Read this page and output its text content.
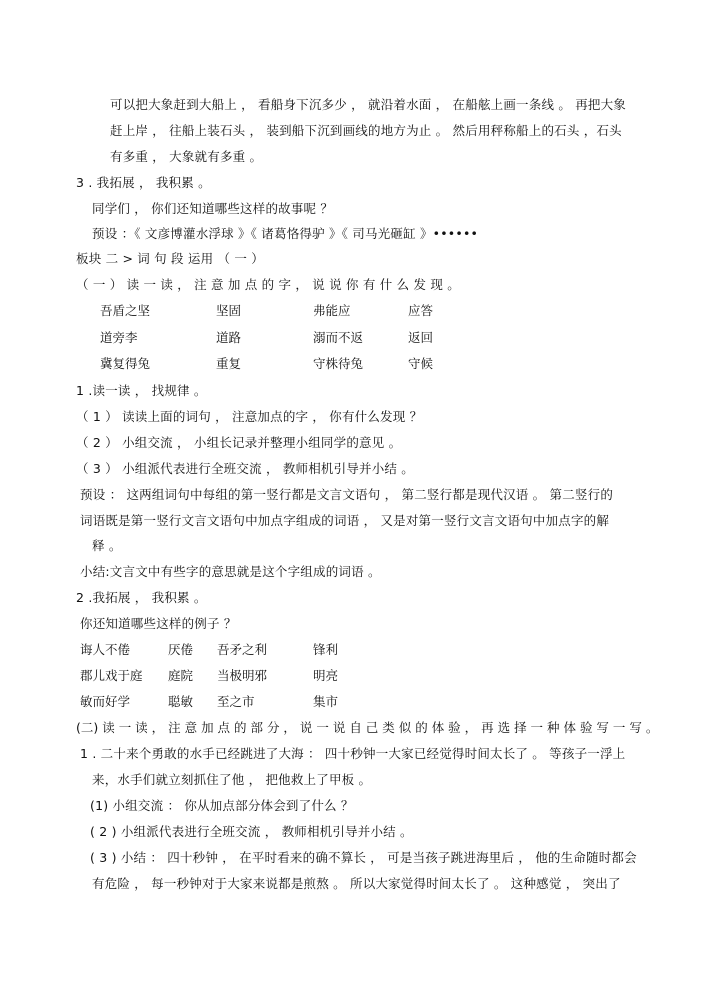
可以把大象赶到大船上 ， 看船身下沉多少 ， 就沿着水面 ， 在船舷上画一条线 。 再把大象
赶上岸 ， 往船上装石头 ， 装到船下沉到画线的地方为止 。 然后用秤称船上的石头 ，石头
有多重 ， 大象就有多重 。
3 . 我拓展 ， 我积累 。
同学们 ， 你们还知道哪些这样的故事呢 ？
预设 ：《 文彦博灌水浮球 》《 诸葛恪得驴 》《 司马光砸缸 》••••••
板块 二 > 词 句 段 运用 （ 一 ）
（ 一 ） 读 一 读 ， 注 意 加 点 的 字 ， 说 说 你 有 什 么 发 现 。
吾盾之坚	坚固	弗能应	应答
道旁李	道路	溺而不返	返回
冀复得兔	重复	守株待兔	守候
1 .读一读 ， 找规律 。
（ 1 ） 读读上面的词句 ， 注意加点的字 ， 你有什么发现 ？
（ 2 ） 小组交流 ， 小组长记录并整理小组同学的意见 。
（ 3 ） 小组派代表进行全班交流 ， 教师相机引导并小结 。
预设 ： 这两组词句中每组的第一竖行都是文言文语句 ， 第二竖行都是现代汉语 。 第二竖行的
词语既是第一竖行文言文语句中加点字组成的词语 ， 又是对第一竖行文言文语句中加点字的解
释 。
小结:文言文中有些字的意思就是这个字组成的词语 。
2 .我拓展 ， 我积累 。
你还知道哪些这样的例子 ？
诲人不倦	厌倦 吾矛之利	锋利
郡儿戏于庭 庭院 当极明邪	明亮
敏而好学	聪敏 至之市	集市
(二) 读 一 读 ， 注 意 加 点 的 部 分 ， 说 一 说 自 己 类 似 的 体 验 ， 再 选 择 一 种 体 验 写 一 写 。
1 . 二十来个勇敢的水手已经跳进了大海 ： 四十秒钟一大家已经觉得时间太长了 。 等孩子一浮上
来，水手们就立刻抓住了他 ， 把他救上了甲板 。
(1) 小组交流 ： 你从加点部分体会到了什么 ？
( 2 ) 小组派代表进行全班交流 ， 教师相机引导并小结 。
( 3 ) 小结 ： 四十秒钟 ， 在平时看来的确不算长 ， 可是当孩子跳进海里后 ， 他的生命随时都会
有危险 ， 每一秒钟对于大家来说都是煎熬 。 所以大家觉得时间太长了 。 这种感觉 ， 突出了
